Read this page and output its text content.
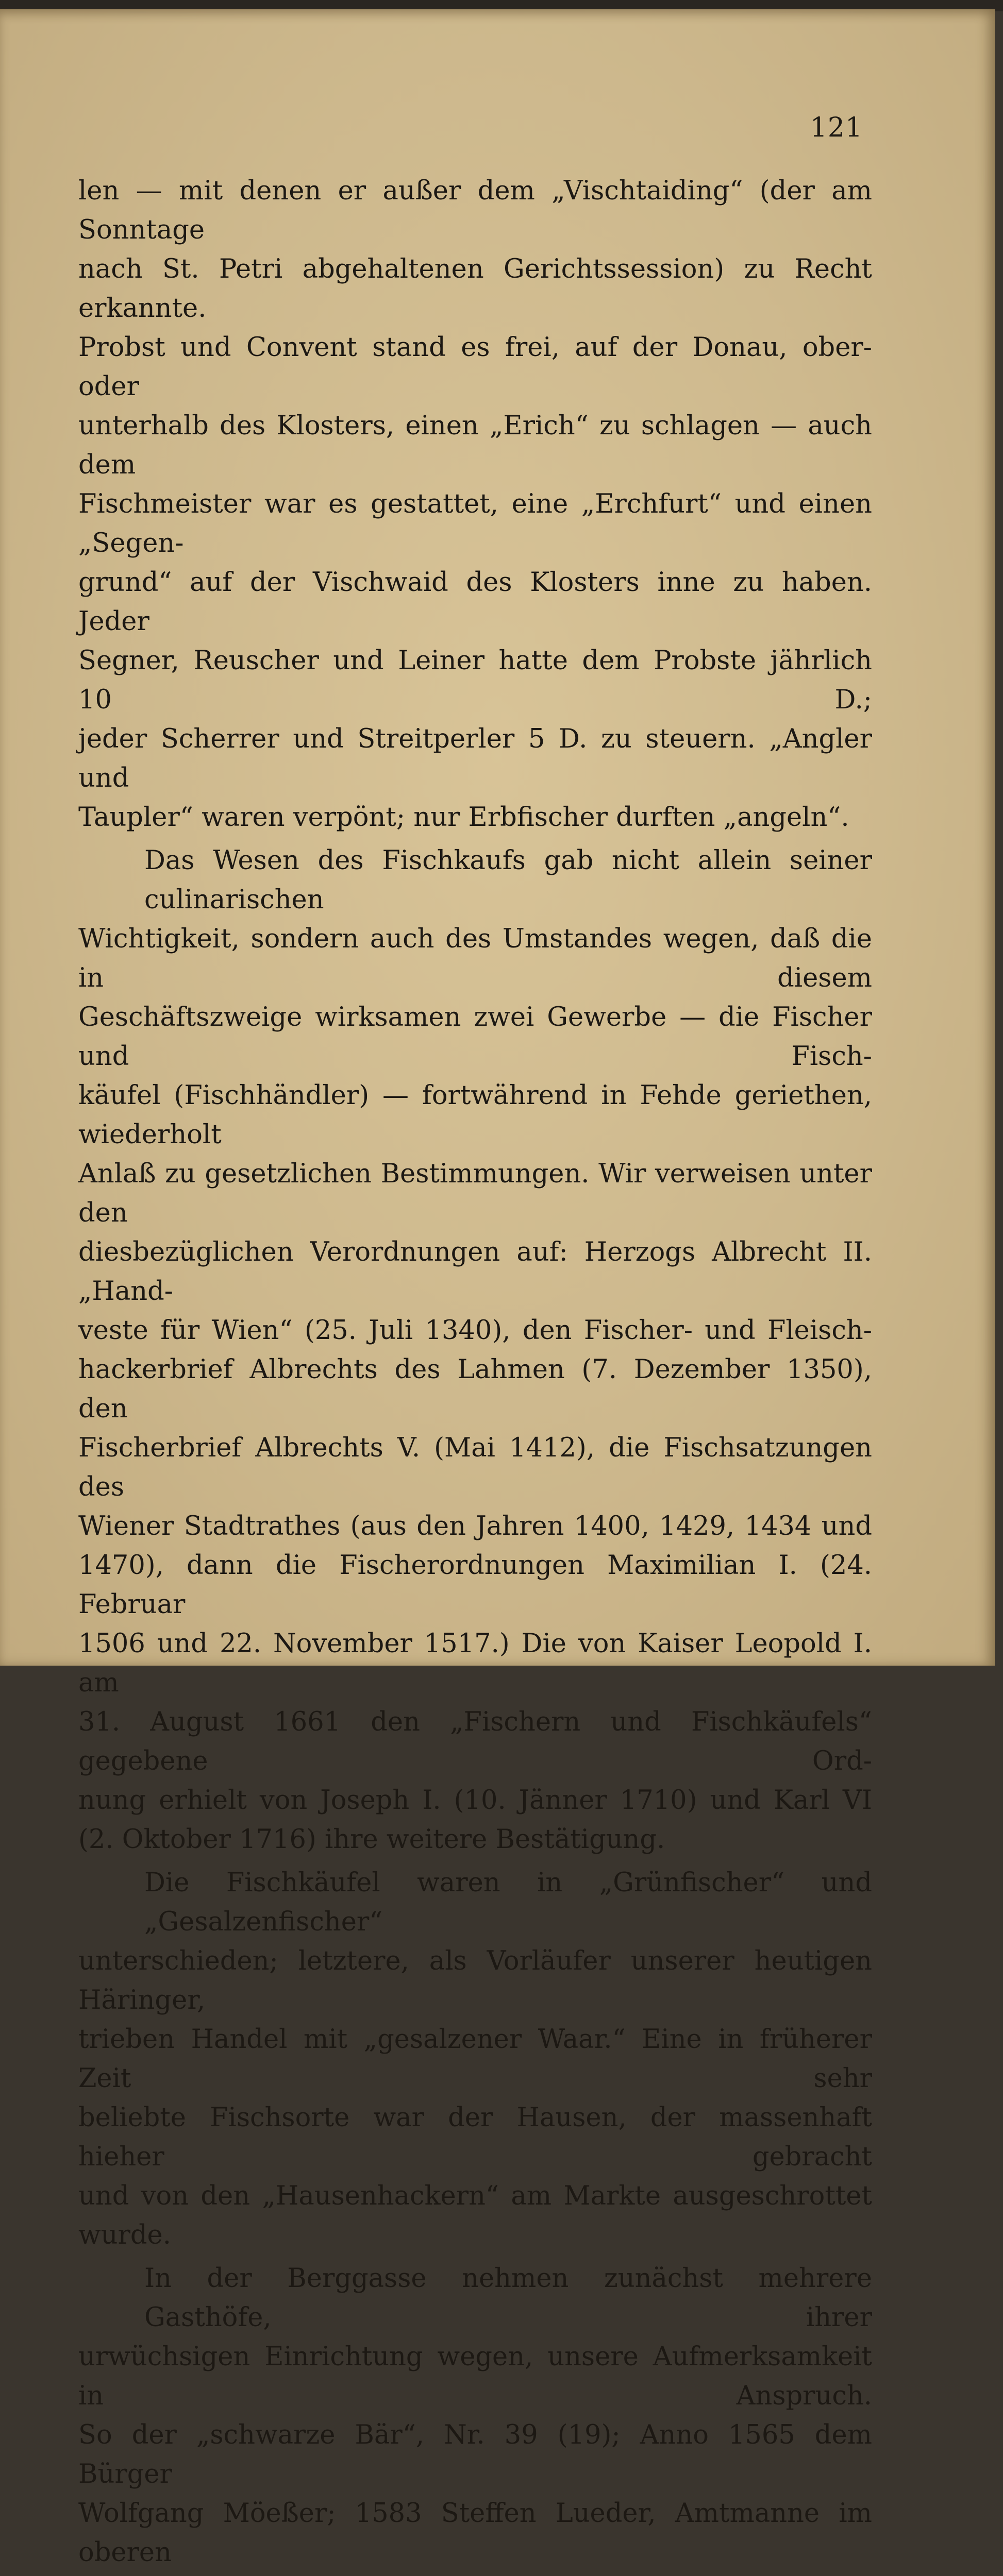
121

len — mit denen er außer dem „Vischtaiding“ (der am Sonntage
nach St. Petri abgehaltenen Gerichtssession) zu Recht erkannte.
Probst und Convent stand es frei, auf der Donau, ober- oder
unterhalb des Klosters, einen „Erich“ zu schlagen — auch dem
Fischmeister war es gestattet, eine „Erchfurt“ und einen „Segen-
grund“ auf der Vischwaid des Klosters inne zu haben. Jeder
Segner, Reuscher und Leiner hatte dem Probste jährlich 10 D.;
jeder Scherrer und Streitperler 5 D. zu steuern. „Angler und
Taupler“ waren verpönt; nur Erbfischer durften „angeln“.

Das Wesen des Fischkaufs gab nicht allein seiner culinarischen
Wichtigkeit, sondern auch des Umstandes wegen, daß die in diesem
Geschäftszweige wirksamen zwei Gewerbe — die Fischer und Fisch-
käufel (Fischhändler) — fortwährend in Fehde geriethen, wiederholt
Anlaß zu gesetzlichen Bestimmungen. Wir verweisen unter den
diesbezüglichen Verordnungen auf: Herzogs Albrecht II. „Hand-
veste für Wien“ (25. Juli 1340), den Fischer- und Fleisch-
hackerbrief Albrechts des Lahmen (7. Dezember 1350), den
Fischerbrief Albrechts V. (Mai 1412), die Fischsatzungen des
Wiener Stadtrathes (aus den Jahren 1400, 1429, 1434 und
1470), dann die Fischerordnungen Maximilian I. (24. Februar
1506 und 22. November 1517.) Die von Kaiser Leopold I. am
31. August 1661 den „Fischern und Fischkäufels“ gegebene Ord-
nung erhielt von Joseph I. (10. Jänner 1710) und Karl VI
(2. Oktober 1716) ihre weitere Bestätigung.

Die Fischkäufel waren in „Grünfischer“ und „Gesalzenfischer“
unterschieden; letztere, als Vorläufer unserer heutigen Häringer,
trieben Handel mit „gesalzener Waar.“ Eine in früherer Zeit sehr
beliebte Fischsorte war der Hausen, der massenhaft hieher gebracht
und von den „Hausenhackern“ am Markte ausgeschrottet wurde.

In der Berggasse nehmen zunächst mehrere Gasthöfe, ihrer
urwüchsigen Einrichtung wegen, unsere Aufmerksamkeit in Anspruch.
So der „schwarze Bär“, Nr. 39 (19); Anno 1565 dem Bürger
Wolfgang Möeßer; 1583 Steffen Lueder, Amtmanne im oberen
